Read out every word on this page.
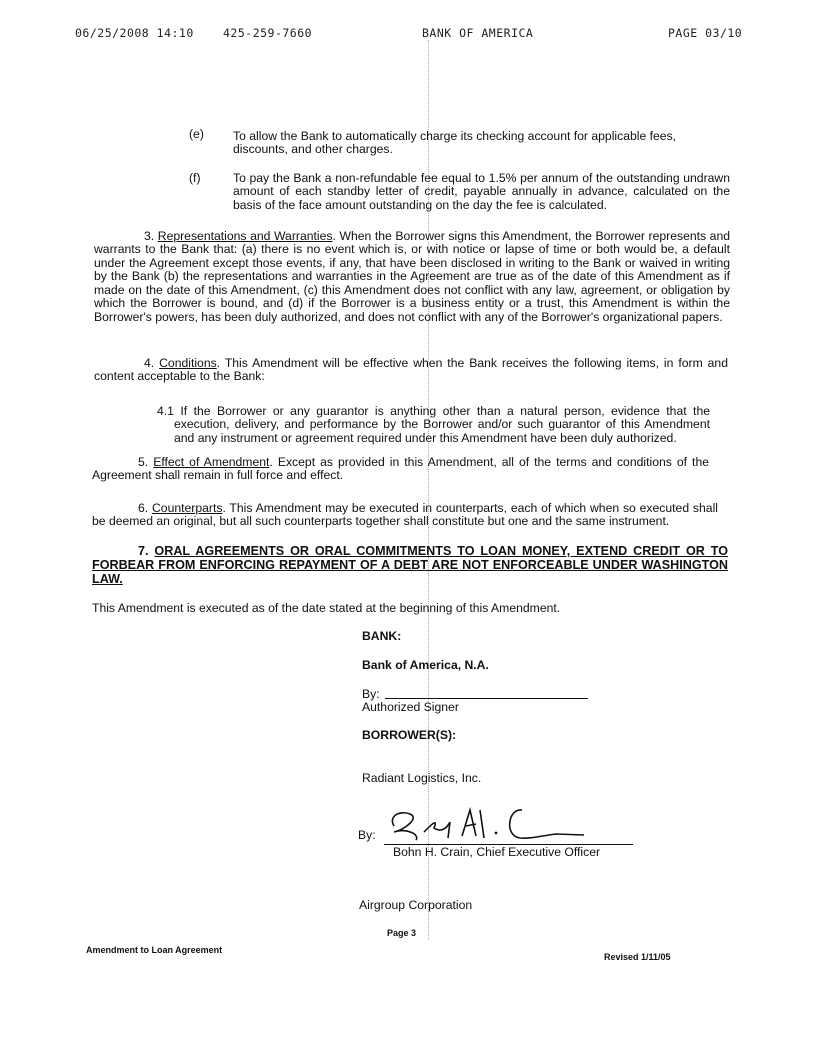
06/25/2008 14:10	425-259-7660	BANK OF AMERICA	PAGE 03/10
(e) To allow the Bank to automatically charge its checking account for applicable fees, discounts, and other charges.
(f)	To pay the Bank a non-refundable fee equal to 1.5% per annum of the outstanding undrawn amount of each standby letter of credit, payable annually in advance, calculated on the basis of the face amount outstanding on the day the fee is calculated.
3. Representations and Warranties. When the Borrower signs this Amendment, the Borrower represents and warrants to the Bank that: (a) there is no event which is, or with notice or lapse of time or both would be, a default under the Agreement except those events, if any, that have been disclosed in writing to the Bank or waived in writing by the Bank (b) the representations and warranties in the Agreement are true as of the date of this Amendment as if made on the date of this Amendment, (c) this Amendment does not conflict with any law, agreement, or obligation by which the Borrower is bound, and (d) if the Borrower is a business entity or a trust, this Amendment is within the Borrower's powers, has been duly authorized, and does not conflict with any of the Borrower's organizational papers.
4. Conditions. This Amendment will be effective when the Bank receives the following items, in form and content acceptable to the Bank:
4.1 If the Borrower or any guarantor is anything other than a natural person, evidence that the execution, delivery, and performance by the Borrower and/or such guarantor of this Amendment and any instrument or agreement required under this Amendment have been duly authorized.
5. Effect of Amendment. Except as provided in this Amendment, all of the terms and conditions of the Agreement shall remain in full force and effect.
6. Counterparts. This Amendment may be executed in counterparts, each of which when so executed shall be deemed an original, but all such counterparts together shall constitute but one and the same instrument.
7. ORAL AGREEMENTS OR ORAL COMMITMENTS TO LOAN MONEY, EXTEND CREDIT OR TO FORBEAR FROM ENFORCING REPAYMENT OF A DEBT ARE NOT ENFORCEABLE UNDER WASHINGTON LAW.
This Amendment is executed as of the date stated at the beginning of this Amendment.
BANK:
Bank of America, N.A.
By:
Authorized Signer
BORROWER(S):
Radiant Logistics, Inc.
By:
Bohn H. Crain, Chief Executive Officer
Airgroup Corporation
Amendment to Loan Agreement
Page 3
Revised 1/11/05
